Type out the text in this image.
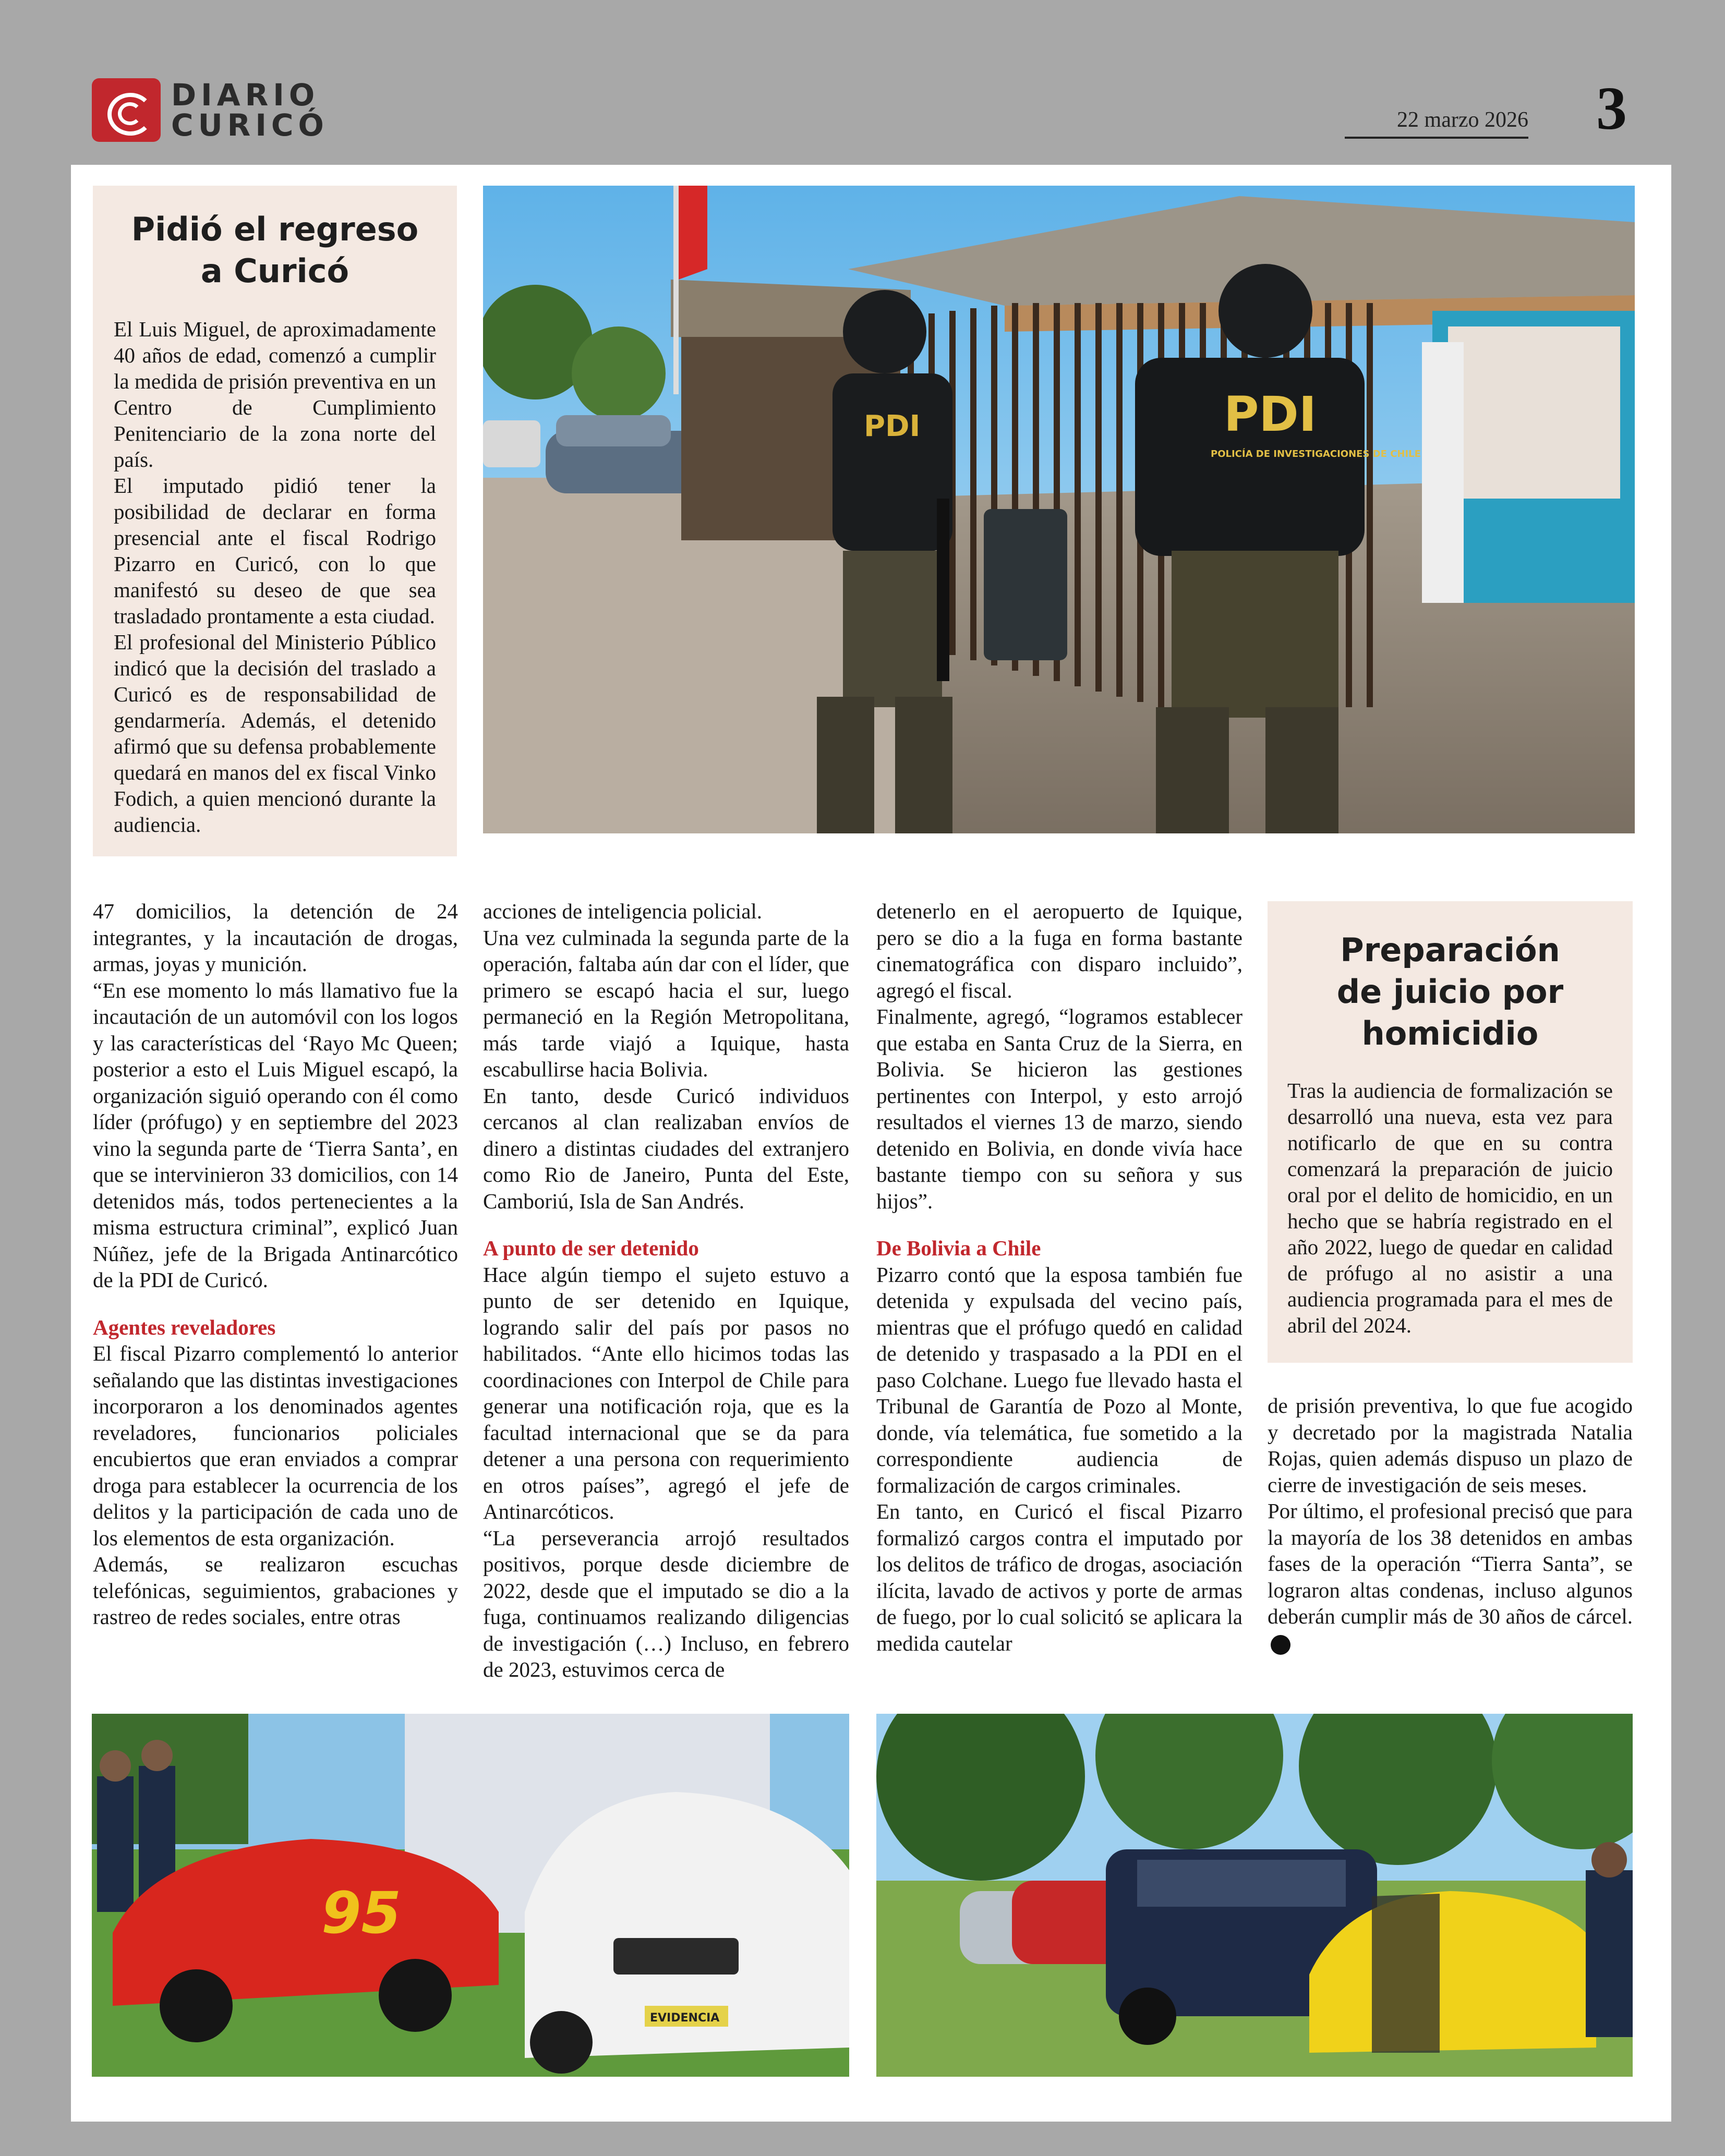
DIARIO
CURICÓ	22 marzo 2026 3
Pidió el regreso
a Curicó
El Luis Miguel, de aproximadamente 40 años de edad, comenzó a cumplir la medida de prisión preventiva en un Centro de Cumplimiento Penitenciario de la zona norte del país.
El imputado pidió tener la posibilidad de declarar en forma presencial ante el fiscal Rodrigo Pizarro en Curicó, con lo que manifestó su deseo de que sea trasladado prontamente a esta ciudad.
El profesional del Ministerio Público indicó que la decisión del traslado a Curicó es de responsabilidad de gendarmería. Además, el detenido afirmó que su defensa probablemente quedará en manos del ex fiscal Vinko Fodich, a quien mencionó durante la audiencia.
PDI	PDI
POLICÍA DE INVESTIGACIONES DE CHILE

47 domicilios, la detención de 24 integrantes, y la incautación de drogas, armas, joyas y munición.

“En ese momento lo más llamativo fue la incautación de un automóvil con los logos y las características del ‘Rayo Mc Queen; posterior a esto el Luis Miguel escapó, la organización siguió operando con él como líder (prófugo) y en septiembre del 2023 vino la segunda parte de ‘Tierra Santa’, en que se intervinieron 33 domicilios, con 14 detenidos más, todos pertenecientes a la misma estructura criminal”, explicó Juan Núñez, jefe de la Brigada Antinarcótico de la PDI de Curicó.

Agentes reveladores

El fiscal Pizarro complementó lo anterior señalando que las distintas investigaciones incorporaron a los denominados agentes reveladores, funcionarios policiales encubiertos que eran enviados a comprar droga para establecer la ocurrencia de los delitos y la participación de cada uno de los elementos de esta organización.

Además, se realizaron escuchas telefónicas, seguimientos, grabaciones y rastreo de redes sociales, entre otras

acciones de inteligencia policial.

Una vez culminada la segunda parte de la operación, faltaba aún dar con el líder, que primero se escapó hacia el sur, luego permaneció en la Región Metropolitana, más tarde viajó a Iquique, hasta escabullirse hacia Bolivia.

En tanto, desde Curicó individuos cercanos al clan realizaban envíos de dinero a distintas ciudades del extranjero como Rio de Janeiro, Punta del Este, Camboriú, Isla de San Andrés.

A punto de ser detenido

Hace algún tiempo el sujeto estuvo a punto de ser detenido en Iquique, logrando salir del país por pasos no habilitados. “Ante ello hicimos todas las coordinaciones con Interpol de Chile para generar una notificación roja, que es la facultad internacional que se da para detener a una persona con requerimiento en otros países”, agregó el jefe de Antinarcóticos.

“La perseverancia arrojó resultados positivos, porque desde diciembre de 2022, desde que el imputado se dio a la fuga, continuamos realizando diligencias de investigación (…) Incluso, en febrero de 2023, estuvimos cerca de

detenerlo en el aeropuerto de Iquique, pero se dio a la fuga en forma bastante cinematográfica con disparo incluido”, agregó el fiscal.

Finalmente, agregó, “logramos establecer que estaba en Santa Cruz de la Sierra, en Bolivia. Se hicieron las gestiones pertinentes con Interpol, y esto arrojó resultados el viernes 13 de marzo, siendo detenido en Bolivia, en donde vivía hace bastante tiempo con su señora y sus hijos”.

De Bolivia a Chile

Pizarro contó que la esposa también fue detenida y expulsada del vecino país, mientras que el prófugo quedó en calidad de detenido y traspasado a la PDI en el paso Colchane. Luego fue llevado hasta el Tribunal de Garantía de Pozo al Monte, donde, vía telemática, fue sometido a la correspondiente audiencia de formalización de cargos criminales.

En tanto, en Curicó el fiscal Pizarro formalizó cargos contra el imputado por los delitos de tráfico de drogas, asociación ilícita, lavado de activos y porte de armas de fuego, por lo cual solicitó se aplicara la medida cautelar

Preparación
de juicio por
homicidio
Tras la audiencia de formalización se desarrolló una nueva, esta vez para notificarlo de que en su contra comenzará la preparación de juicio oral por el delito de homicidio, en un hecho que se habría registrado en el año 2022, luego de quedar en calidad de prófugo al no asistir a una audiencia programada para el mes de abril del 2024.

de prisión preventiva, lo que fue acogido y decretado por la magistrada Natalia Rojas, quien además dispuso un plazo de cierre de investigación de seis meses.

Por último, el profesional precisó que para la mayoría de los 38 detenidos en ambas fases de la operación “Tierra Santa”, se lograron altas condenas, incluso algunos deberán cumplir más de 30 años de cárcel.

95
EVIDENCIA
